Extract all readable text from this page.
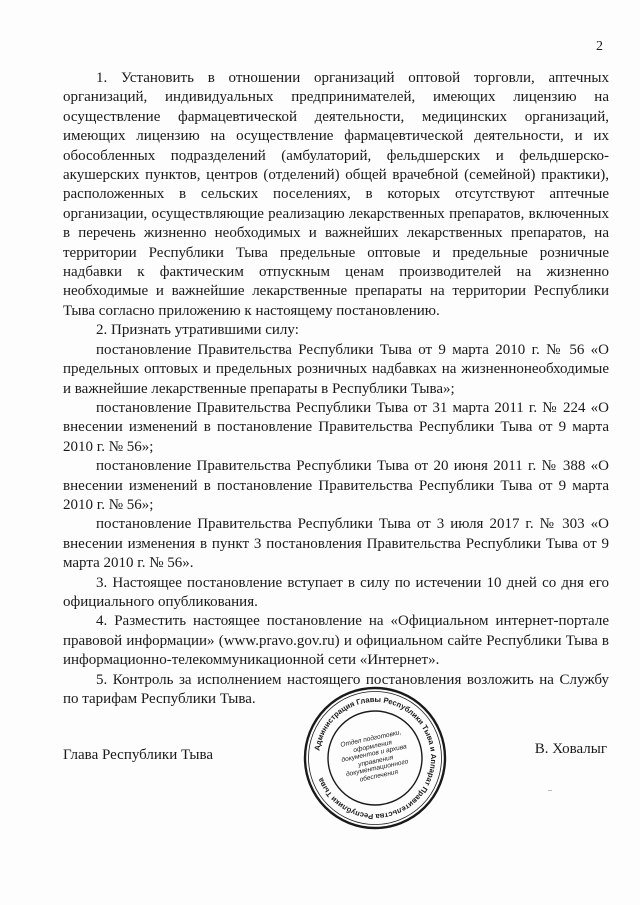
2

1. Установить в отношении организаций оптовой торговли, аптечных организаций, индивидуальных предпринимателей, имеющих лицензию на осуществление фармацевтической деятельности, медицинских организаций, имеющих лицензию на осуществление фармацевтической деятельности, и их обособленных подразделений (амбулаторий, фельдшерских и фельдшерско-акушерских пунктов, центров (отделений) общей врачебной (семейной) практики), расположенных в сельских поселениях, в которых отсутствуют аптечные организации, осуществляющие реализацию лекарственных препаратов, включенных в перечень жизненно необходимых и важнейших лекарственных препаратов, на территории Республики Тыва предельные оптовые и предельные розничные надбавки к фактическим отпускным ценам производителей на жизненно необходимые и важнейшие лекарственные препараты на территории Республики Тыва согласно приложению к настоящему постановлению.

2. Признать утратившими силу:

постановление Правительства Республики Тыва от 9 марта 2010 г. № 56 «О предельных оптовых и предельных розничных надбавках на жизненнонеобходимые и важнейшие лекарственные препараты в Республики Тыва»;

постановление Правительства Республики Тыва от 31 марта 2011 г. № 224 «О внесении изменений в постановление Правительства Республики Тыва от 9 марта 2010 г. № 56»;

постановление Правительства Республики Тыва от 20 июня 2011 г. № 388 «О внесении изменений в постановление Правительства Республики Тыва от 9 марта 2010 г. № 56»;

постановление Правительства Республики Тыва от 3 июля 2017 г. № 303 «О внесении изменения в пункт 3 постановления Правительства Республики Тыва от 9 марта 2010 г. № 56».

3. Настоящее постановление вступает в силу по истечении 10 дней со дня его официального опубликования.

4. Разместить настоящее постановление на «Официальном интернет-портале правовой информации» (www.pravo.gov.ru) и официальном сайте Республики Тыва в информационно-телекоммуникационной сети «Интернет».

5. Контроль за исполнением настоящего постановления возложить на Службу по тарифам Республики Тыва.

Администрация Главы Республики Тыва и Аппарат Правительства Республики Тыва
Отдел подготовки, оформления документов и архива управления документационного обеспечения
Глава Республики Тыва	В. Ховалыг
